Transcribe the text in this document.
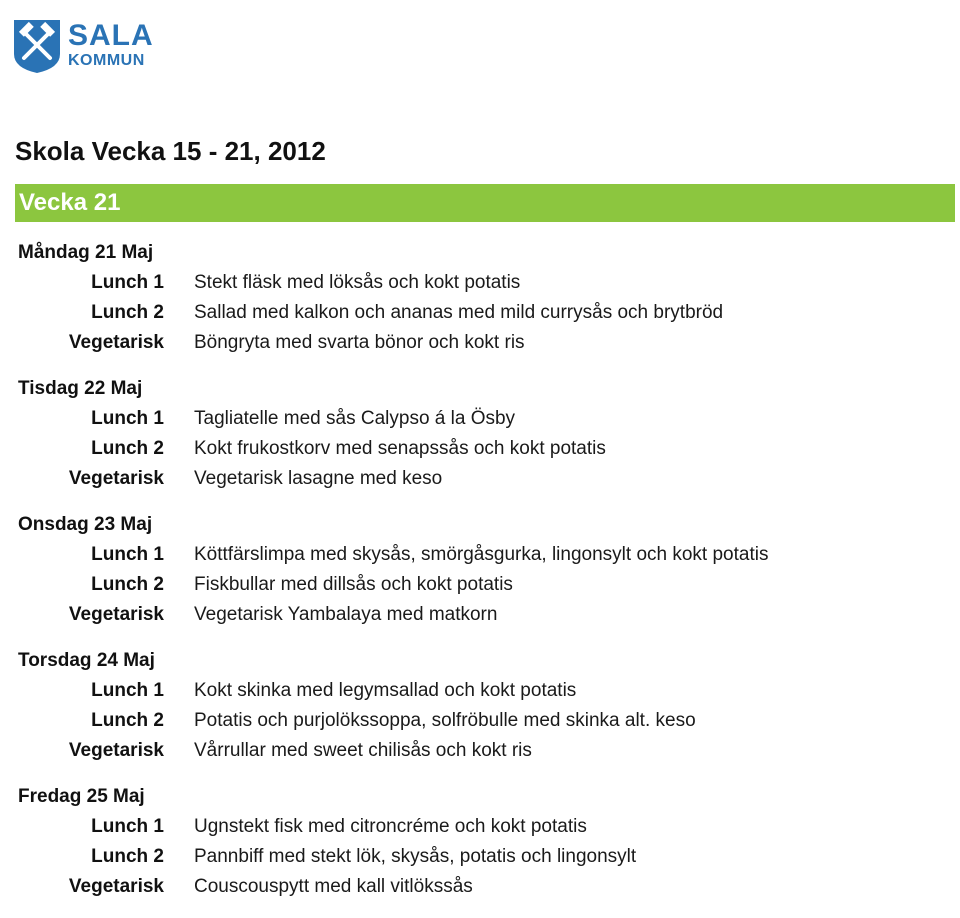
SALA
KOMMUN
Skola Vecka 15 - 21, 2012
Vecka 21
Måndag 21 Maj
Lunch 1 Stekt fläsk med löksås och kokt potatis
Lunch 2 Sallad med kalkon och ananas med mild currysås och brytbröd
Vegetarisk Böngryta med svarta bönor och kokt ris
Tisdag 22 Maj
Lunch 1 Tagliatelle med sås Calypso á la Ösby
Lunch 2 Kokt frukostkorv med senapssås och kokt potatis
Vegetarisk Vegetarisk lasagne med keso
Onsdag 23 Maj
Lunch 1 Köttfärslimpa med skysås, smörgåsgurka, lingonsylt och kokt potatis
Lunch 2 Fiskbullar med dillsås och kokt potatis
Vegetarisk Vegetarisk Yambalaya med matkorn
Torsdag 24 Maj
Lunch 1 Kokt skinka med legymsallad och kokt potatis
Lunch 2 Potatis och purjolökssoppa, solfröbulle med skinka alt. keso
Vegetarisk Vårrullar med sweet chilisås och kokt ris
Fredag 25 Maj
Lunch 1 Ugnstekt fisk med citroncréme och kokt potatis
Lunch 2 Pannbiff med stekt lök, skysås, potatis och lingonsylt
Vegetarisk Couscouspytt med kall vitlökssås
